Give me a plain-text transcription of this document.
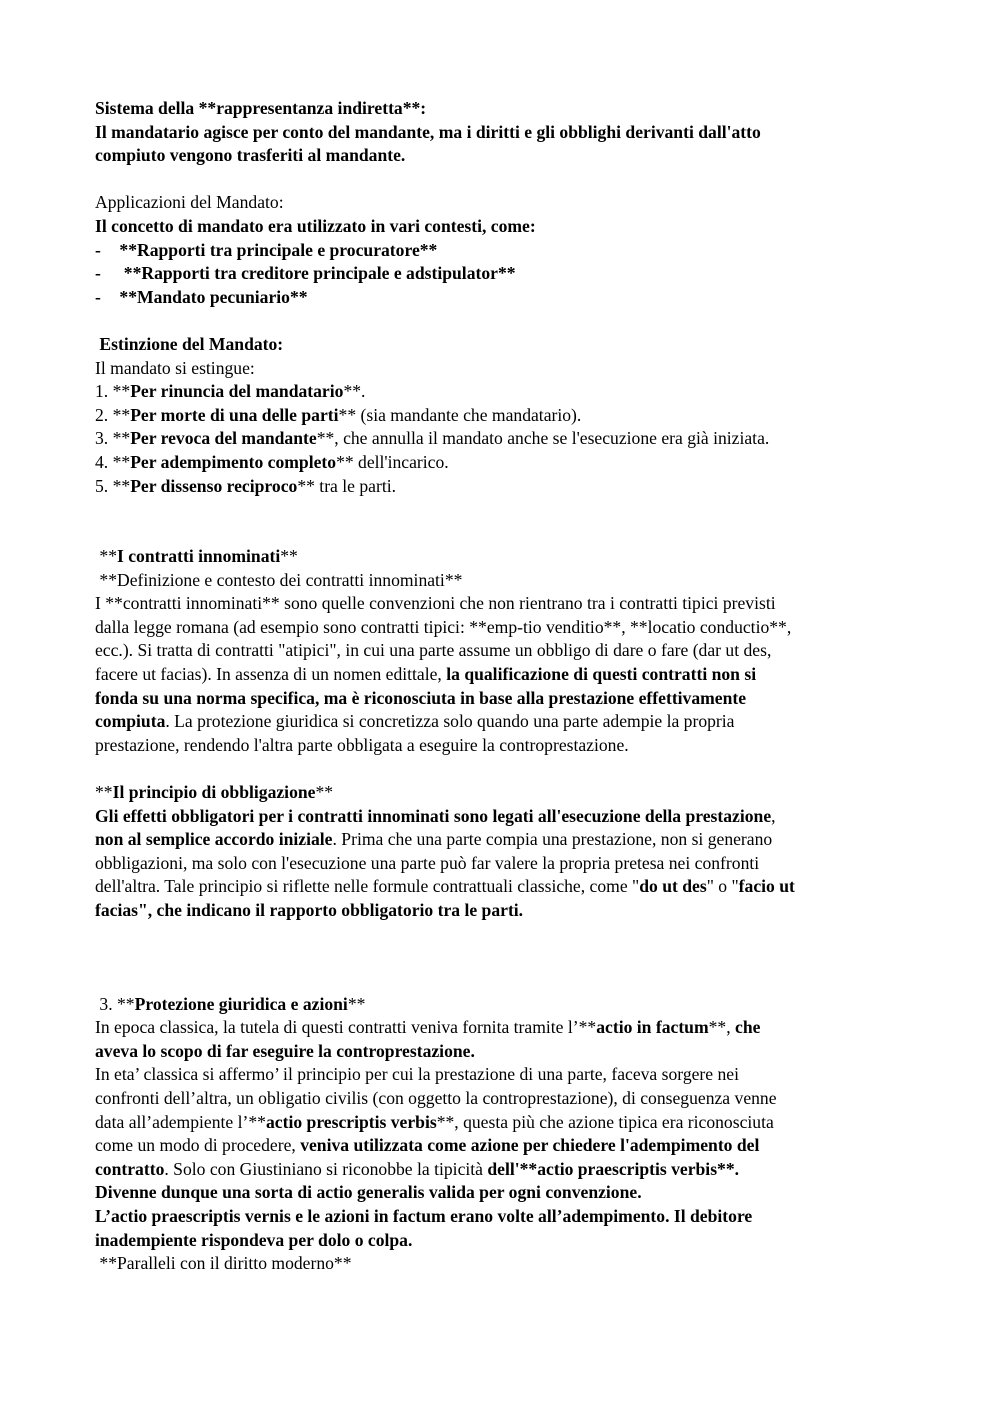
Sistema della **rappresentanza indiretta**:
Il mandatario agisce per conto del mandante, ma i diritti e gli obblighi derivanti dall'atto
compiuto vengono trasferiti al mandante.
Applicazioni del Mandato:
Il concetto di mandato era utilizzato in vari contesti, come:
- **Rapporti tra principale e procuratore**
-  **Rapporti tra creditore principale e adstipulator**
- **Mandato pecuniario**
Estinzione del Mandato:
Il mandato si estingue:
1. **Per rinuncia del mandatario**.
2. **Per morte di una delle parti** (sia mandante che mandatario).
3. **Per revoca del mandante**, che annulla il mandato anche se l'esecuzione era già iniziata.
4. **Per adempimento completo** dell'incarico.
5. **Per dissenso reciproco** tra le parti.
**I contratti innominati**
**Definizione e contesto dei contratti innominati**
I **contratti innominati** sono quelle convenzioni che non rientrano tra i contratti tipici previsti
dalla legge romana (ad esempio sono contratti tipici: **emp-tio venditio**, **locatio conductio**,
ecc.). Si tratta di contratti "atipici", in cui una parte assume un obbligo di dare o fare (dar ut des,
facere ut facias). In assenza di un nomen edittale, la qualificazione di questi contratti non si
fonda su una norma specifica, ma è riconosciuta in base alla prestazione effettivamente
compiuta. La protezione giuridica si concretizza solo quando una parte adempie la propria
prestazione, rendendo l'altra parte obbligata a eseguire la controprestazione.
**Il principio di obbligazione**
Gli effetti obbligatori per i contratti innominati sono legati all'esecuzione della prestazione,
non al semplice accordo iniziale. Prima che una parte compia una prestazione, non si generano
obbligazioni, ma solo con l'esecuzione una parte può far valere la propria pretesa nei confronti
dell'altra. Tale principio si riflette nelle formule contrattuali classiche, come "do ut des" o "facio ut
facias", che indicano il rapporto obbligatorio tra le parti.
3. **Protezione giuridica e azioni**
In epoca classica, la tutela di questi contratti veniva fornita tramite l’**actio in factum**, che
aveva lo scopo di far eseguire la controprestazione.
In eta’ classica si affermo’ il principio per cui la prestazione di una parte, faceva sorgere nei
confronti dell’altra, un obligatio civilis (con oggetto la controprestazione), di conseguenza venne
data all’adempiente l’**actio prescriptis verbis**, questa più che azione tipica era riconosciuta
come un modo di procedere, veniva utilizzata come azione per chiedere l'adempimento del
contratto. Solo con Giustiniano si riconobbe la tipicità dell'**actio praescriptis verbis**.
Divenne dunque una sorta di actio generalis valida per ogni convenzione.
L’actio praescriptis vernis e le azioni in factum erano volte all’adempimento. Il debitore
inadempiente rispondeva per dolo o colpa.
**Paralleli con il diritto moderno**
